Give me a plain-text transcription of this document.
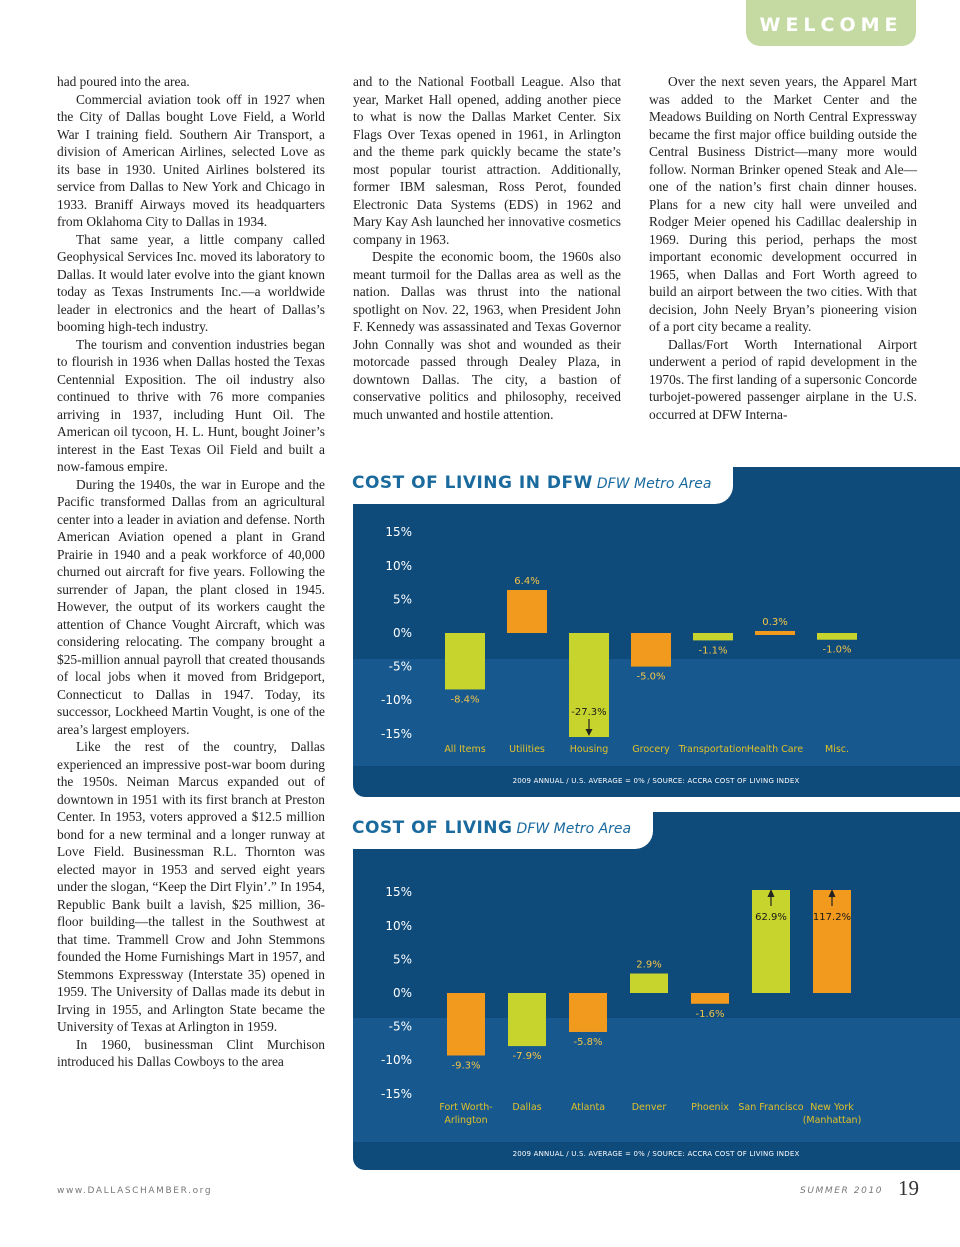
WELCOME

had poured into the area.

Commercial aviation took off in 1927 when the City of Dallas bought Love Field, a World War I training field. Southern Air Transport, a division of American Airlines, selected Love as its base in 1930. United Airlines bolstered its service from Dallas to New York and Chicago in 1933. Braniff Airways moved its headquarters from Oklahoma City to Dallas in 1934.

That same year, a little company called Geophysical Services Inc. moved its laboratory to Dallas. It would later evolve into the giant known today as Texas Instruments Inc.—a worldwide leader in electronics and the heart of Dallas’s booming high-tech industry.

The tourism and convention industries began to flourish in 1936 when Dallas hosted the Texas Centennial Exposition. The oil industry also continued to thrive with 76 more companies arriving in 1937, including Hunt Oil. The American oil tycoon, H. L. Hunt, bought Joiner’s interest in the East Texas Oil Field and built a now-famous empire.

During the 1940s, the war in Europe and the Pacific transformed Dallas from an agricultural center into a leader in aviation and defense. North American Aviation opened a plant in Grand Prairie in 1940 and a peak workforce of 40,000 churned out aircraft for five years. Following the surrender of Japan, the plant closed in 1945. However, the output of its workers caught the attention of Chance Vought Aircraft, which was considering relocating. The company brought a $25-million annual payroll that created thousands of local jobs when it moved from Bridgeport, Connecticut to Dallas in 1947. Today, its successor, Lockheed Martin Vought, is one of the area’s largest employers.

Like the rest of the country, Dallas experienced an impressive post-war boom during the 1950s. Neiman Marcus expanded out of downtown in 1951 with its first branch at Preston Center. In 1953, voters approved a $12.5 million bond for a new terminal and a longer runway at Love Field. Businessman R.L. Thornton was elected mayor in 1953 and served eight years under the slogan, “Keep the Dirt Flyin’.” In 1954, Republic Bank built a lavish, $25 million, 36-floor building—the tallest in the Southwest at that time. Trammell Crow and John Stemmons founded the Home Furnishings Mart in 1957, and Stemmons Expressway (Interstate 35) opened in 1959. The University of Dallas made its debut in Irving in 1955, and Arlington State became the University of Texas at Arlington in 1959.

In 1960, businessman Clint Murchison introduced his Dallas Cowboys to the area

and to the National Football League. Also that year, Market Hall opened, adding another piece to what is now the Dallas Market Center. Six Flags Over Texas opened in 1961, in Arlington and the theme park quickly became the state’s most popular tourist attraction. Additionally, former IBM salesman, Ross Perot, founded Electronic Data Systems (EDS) in 1962 and Mary Kay Ash launched her innovative cosmetics company in 1963.

Despite the economic boom, the 1960s also meant turmoil for the Dallas area as well as the nation. Dallas was thrust into the national spotlight on Nov. 22, 1963, when President John F. Kennedy was assassinated and Texas Governor John Connally was shot and wounded as their motorcade passed through Dealey Plaza, in downtown Dallas. The city, a bastion of conservative politics and philosophy, received much unwanted and hostile attention.

Over the next seven years, the Apparel Mart was added to the Market Center and the Meadows Building on North Central Expressway became the first major office building outside the Central Business District—many more would follow. Norman Brinker opened Steak and Ale—one of the nation’s first chain dinner houses. Plans for a new city hall were unveiled and Rodger Meier opened his Cadillac dealership in 1969. During this period, perhaps the most important economic development occurred in 1965, when Dallas and Fort Worth agreed to build an airport between the two cities. With that decision, John Neely Bryan’s pioneering vision of a port city became a reality.

Dallas/Fort Worth International Airport underwent a period of rapid development in the 1970s. The first landing of a supersonic Concorde turbojet-powered passenger airplane in the U.S. occurred at DFW Interna-

15%
10%
5%
0%
-5%
-10%
-15%
-8.4%
All Items
6.4%
Utilities
-27.3%
Housing
-5.0%
Grocery
-1.1%
Transportation
0.3%
Health Care
-1.0%
Misc.
2009 ANNUAL / U.S. AVERAGE = 0% / SOURCE: ACCRA COST OF LIVING INDEX
COST OF LIVING IN DFW DFW Metro Area
15%
10%
5%
0%
-5%
-10%
-15%
-9.3%
Fort Worth-
Arlington
-7.9%
Dallas
-5.8%
Atlanta
2.9%
Denver
-1.6%
Phoenix
62.9%
San Francisco
117.2%
New York
(Manhattan)
2009 ANNUAL / U.S. AVERAGE = 0% / SOURCE: ACCRA COST OF LIVING INDEX
COST OF LIVING DFW Metro Area
www.DALLASCHAMBER.org	SUMMER 2010 19
